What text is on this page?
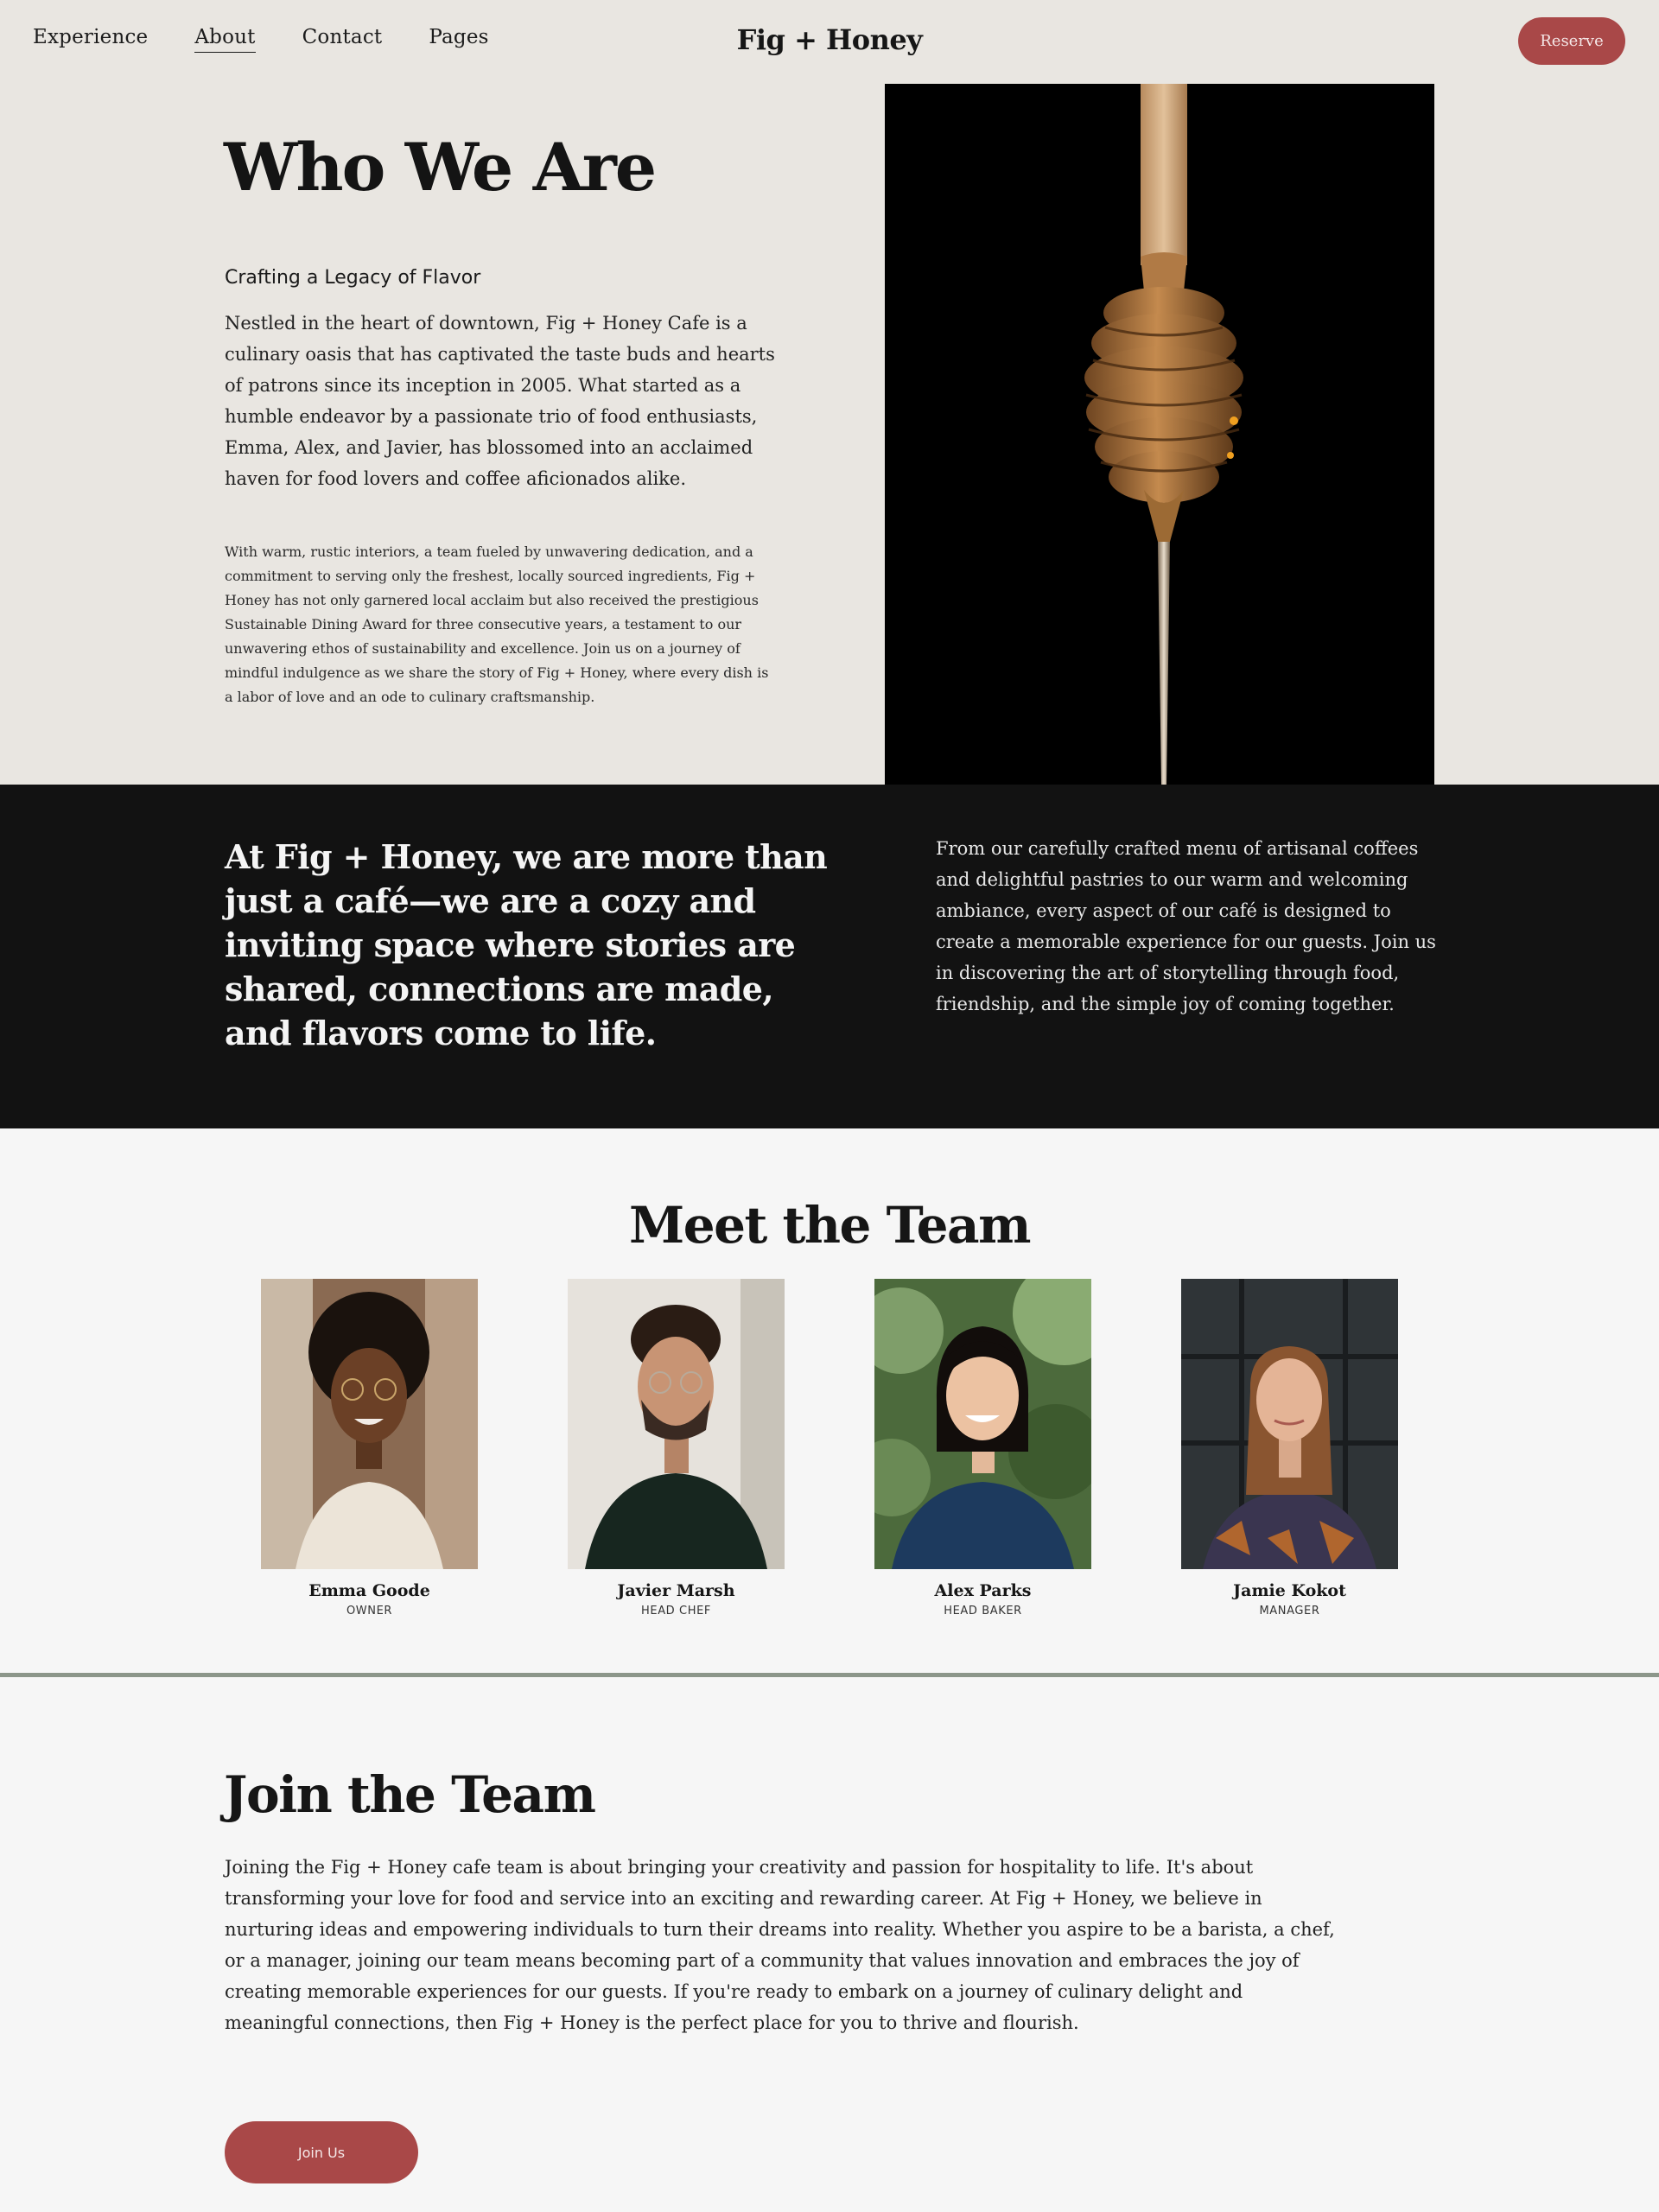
Experience About Contact Pages	Fig + Honey	Reserve
Who We Are
Crafting a Legacy of Flavor

Nestled in the heart of downtown, Fig + Honey Cafe is a culinary oasis that has captivated the taste buds and hearts of patrons since its inception in 2005. What started as a humble endeavor by a passionate trio of food enthusiasts, Emma, Alex, and Javier, has blossomed into an acclaimed haven for food lovers and coffee aficionados alike.

With warm, rustic interiors, a team fueled by unwavering dedication, and a commitment to serving only the freshest, locally sourced ingredients, Fig + Honey has not only garnered local acclaim but also received the prestigious Sustainable Dining Award for three consecutive years, a testament to our unwavering ethos of sustainability and excellence. Join us on a journey of mindful indulgence as we share the story of Fig + Honey, where every dish is a labor of love and an ode to culinary craftsmanship.

At Fig + Honey, we are more than just a café—we are a cozy and inviting space where stories are shared, connections are made, and flavors come to life.

From our carefully crafted menu of artisanal coffees and delightful pastries to our warm and welcoming ambiance, every aspect of our café is designed to create a memorable experience for our guests. Join us in discovering the art of storytelling through food, friendship, and the simple joy of coming together.

Meet the Team
Emma Goode
OWNER
Javier Marsh
HEAD CHEF
Alex Parks
HEAD BAKER
Jamie Kokot
MANAGER
Join the Team

Joining the Fig + Honey cafe team is about bringing your creativity and passion for hospitality to life. It's about transforming your love for food and service into an exciting and rewarding career. At Fig + Honey, we believe in nurturing ideas and empowering individuals to turn their dreams into reality. Whether you aspire to be a barista, a chef, or a manager, joining our team means becoming part of a community that values innovation and embraces the joy of creating memorable experiences for our guests. If you're ready to embark on a journey of culinary delight and meaningful connections, then Fig + Honey is the perfect place for you to thrive and flourish.

Join Us
